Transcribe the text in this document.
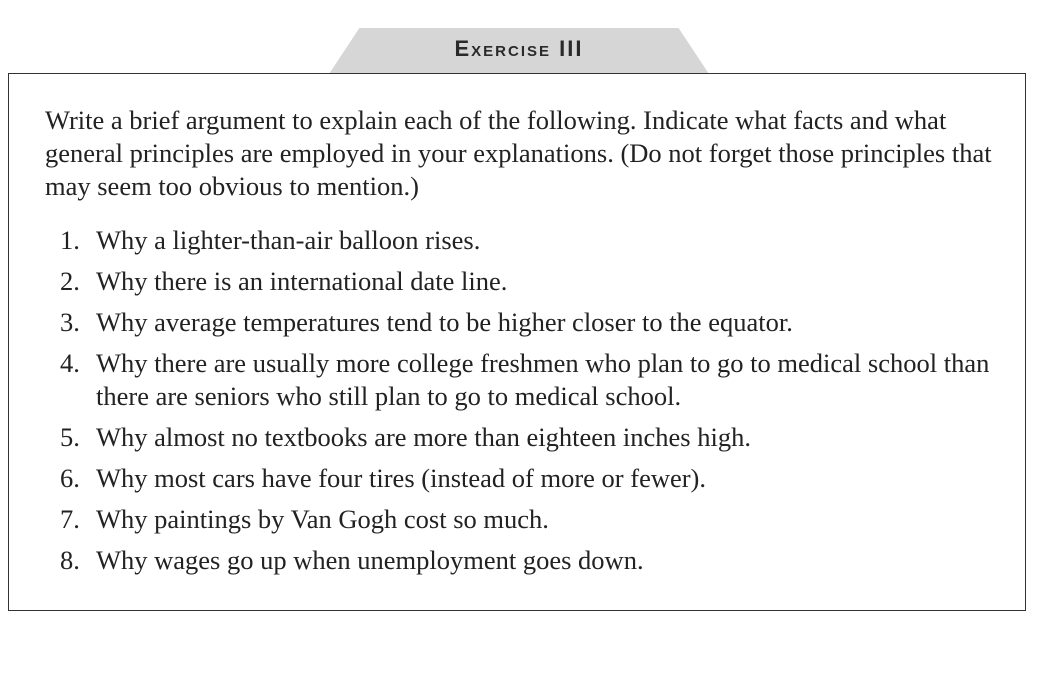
Exercise III

Write a brief argument to explain each of the following. Indicate what facts and what general principles are employed in your explanations. (Do not forget those principles that may seem too obvious to mention.)

1. Why a lighter-than-air balloon rises.
2. Why there is an international date line.
3. Why average temperatures tend to be higher closer to the equator.
4. Why there are usually more college freshmen who plan to go to medical school than there are seniors who still plan to go to medical school.
5. Why almost no textbooks are more than eighteen inches high.
6. Why most cars have four tires (instead of more or fewer).
7. Why paintings by Van Gogh cost so much.
8. Why wages go up when unemployment goes down.
